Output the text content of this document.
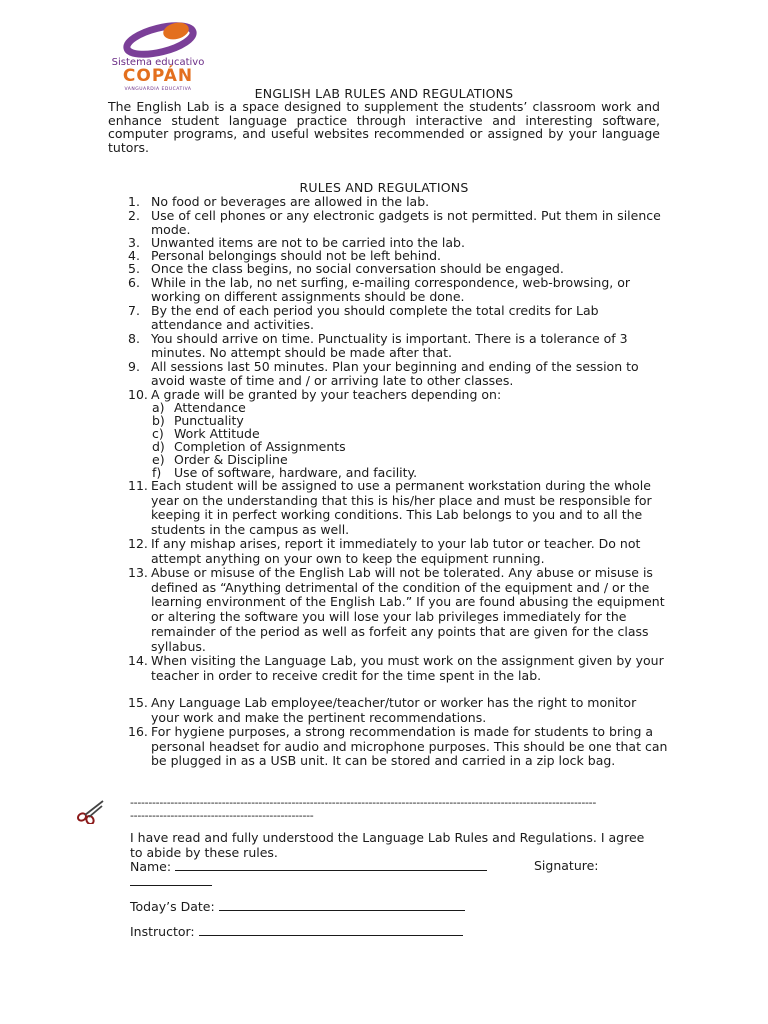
Sistema educativo
COPÁN
VANGUARDIA EDUCATIVA	ENGLISH LAB RULES AND REGULATIONS
The English Lab is a space designed to supplement the students’ classroom work and enhance student language practice through interactive and interesting software, computer programs, and useful websites recommended or assigned by your language tutors.
RULES AND REGULATIONS
1. No food or beverages are allowed in the lab.
2. Use of cell phones or any electronic gadgets is not permitted. Put them in silence mode.
3. Unwanted items are not to be carried into the lab.
4. Personal belongings should not be left behind.
5. Once the class begins, no social conversation should be engaged.
6. While in the lab, no net surfing, e-mailing correspondence, web-browsing, or working on different assignments should be done.
7. By the end of each period you should complete the total credits for Lab attendance and activities.
8. You should arrive on time. Punctuality is important. There is a tolerance of 3 minutes. No attempt should be made after that.
9. All sessions last 50 minutes. Plan your beginning and ending of the session to avoid waste of time and / or arriving late to other classes.
10. A grade will be granted by your teachers depending on:
a) Attendance
b) Punctuality
c) Work Attitude
d) Completion of Assignments
e) Order & Discipline
f) Use of software, hardware, and facility.
11. Each student will be assigned to use a permanent workstation during the whole year on the understanding that this is his/her place and must be responsible for keeping it in perfect working conditions. This Lab belongs to you and to all the students in the campus as well.
12. If any mishap arises, report it immediately to your lab tutor or teacher. Do not attempt anything on your own to keep the equipment running.
13. Abuse or misuse of the English Lab will not be tolerated. Any abuse or misuse is defined as “Anything detrimental of the condition of the equipment and / or the learning environment of the English Lab.” If you are found abusing the equipment or altering the software you will lose your lab privileges immediately for the remainder of the period as well as forfeit any points that are given for the class syllabus.
14. When visiting the Language Lab, you must work on the assignment given by your teacher in order to receive credit for the time spent in the lab.
15. Any Language Lab employee/teacher/tutor or worker has the right to monitor your work and make the pertinent recommendations.
16. For hygiene purposes, a strong recommendation is made for students to bring a personal headset for audio and microphone purposes. This should be one that can be plugged in as a USB unit. It can be stored and carried in a zip lock bag.
-------------------------------------------------------------------------------------------------------------------------------
--------------------------------------------------
I have read and fully understood the Language Lab Rules and Regulations. I agree to abide by these rules.
Name:	Signature:
Today’s Date:
Instructor:
